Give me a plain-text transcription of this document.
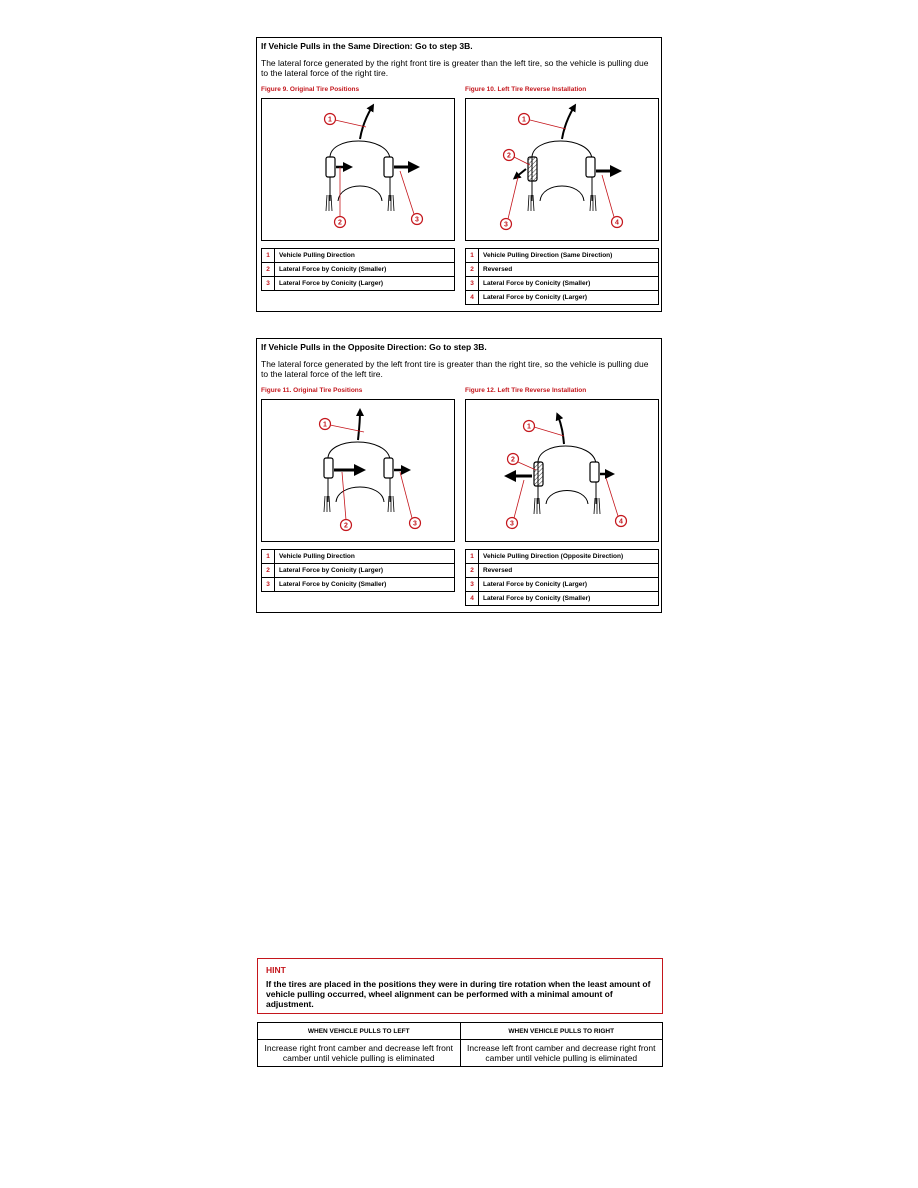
If Vehicle Pulls in the Same Direction: Go to step 3B.
The lateral force generated by the right front tire is greater than the left tire, so the vehicle is pulling due to the lateral force of the right tire.
Figure 9. Original Tire Positions
1
2	3
1	Vehicle Pulling Direction
2	Lateral Force by Conicity (Smaller)
3	Lateral Force by Conicity (Larger)
Figure 10. Left Tire Reverse Installation
1
2
3	4
1	Vehicle Pulling Direction (Same Direction)
2	Reversed
3	Lateral Force by Conicity (Smaller)
4	Lateral Force by Conicity (Larger)
If Vehicle Pulls in the Opposite Direction: Go to step 3B.
The lateral force generated by the left front tire is greater than the right tire, so the vehicle is pulling due to the lateral force of the left tire.
Figure 11. Original Tire Positions
1
2	3
1	Vehicle Pulling Direction
2	Lateral Force by Conicity (Larger)
3	Lateral Force by Conicity (Smaller)
Figure 12. Left Tire Reverse Installation
1
2
3	4
1	Vehicle Pulling Direction (Opposite Direction)
2	Reversed
3	Lateral Force by Conicity (Larger)
4	Lateral Force by Conicity (Smaller)
HINT
If the tires are placed in the positions they were in during tire rotation when the least amount of vehicle pulling occurred, wheel alignment can be performed with a minimal amount of adjustment.
WHEN VEHICLE PULLS TO LEFT	WHEN VEHICLE PULLS TO RIGHT
Increase right front camber and decrease left front camber until vehicle pulling is eliminated	Increase left front camber and decrease right front camber until vehicle pulling is eliminated
